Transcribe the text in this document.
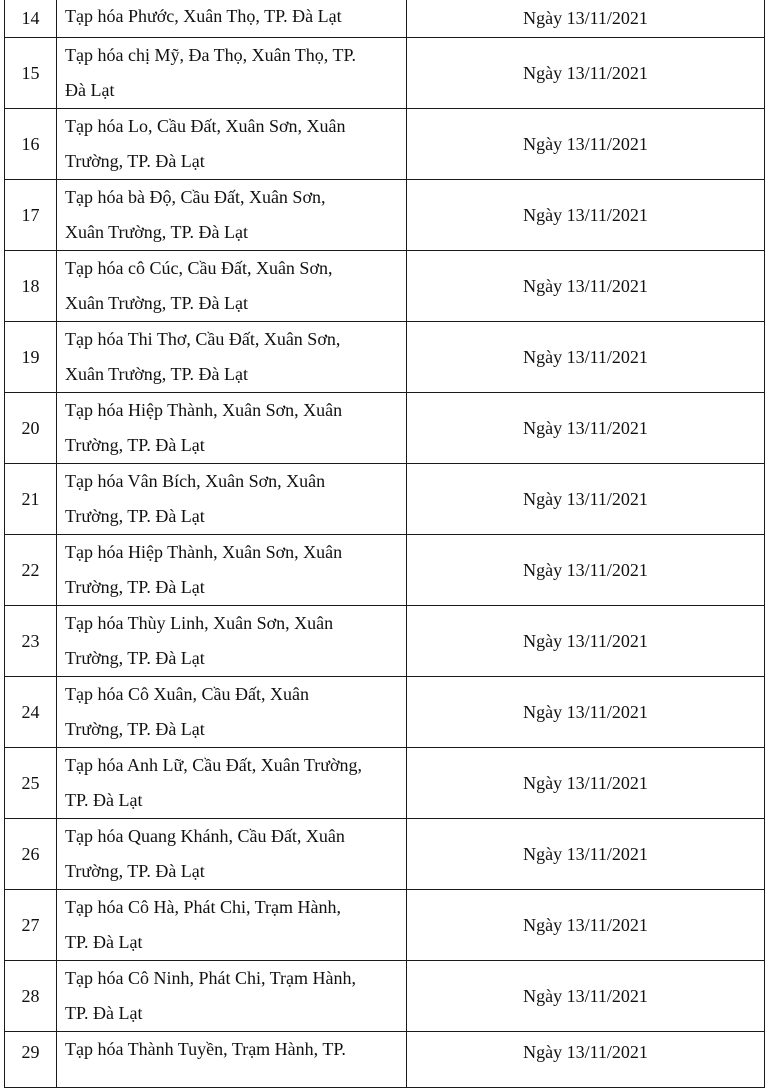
14	Tạp hóa Phước, Xuân Thọ, TP. Đà Lạt	Ngày 13/11/2021
15	Tạp hóa chị Mỹ, Đa Thọ, Xuân Thọ, TP.
Đà Lạt	Ngày 13/11/2021
16	Tạp hóa Lo, Cầu Đất, Xuân Sơn, Xuân
Trường, TP. Đà Lạt	Ngày 13/11/2021
17	Tạp hóa bà Độ, Cầu Đất, Xuân Sơn,
Xuân Trường, TP. Đà Lạt	Ngày 13/11/2021
18	Tạp hóa cô Cúc, Cầu Đất, Xuân Sơn,
Xuân Trường, TP. Đà Lạt	Ngày 13/11/2021
19	Tạp hóa Thi Thơ, Cầu Đất, Xuân Sơn,
Xuân Trường, TP. Đà Lạt	Ngày 13/11/2021
20	Tạp hóa Hiệp Thành, Xuân Sơn, Xuân
Trường, TP. Đà Lạt	Ngày 13/11/2021
21	Tạp hóa Vân Bích, Xuân Sơn, Xuân
Trường, TP. Đà Lạt	Ngày 13/11/2021
22	Tạp hóa Hiệp Thành, Xuân Sơn, Xuân
Trường, TP. Đà Lạt	Ngày 13/11/2021
23	Tạp hóa Thùy Linh, Xuân Sơn, Xuân
Trường, TP. Đà Lạt	Ngày 13/11/2021
24	Tạp hóa Cô Xuân, Cầu Đất, Xuân
Trường, TP. Đà Lạt	Ngày 13/11/2021
25	Tạp hóa Anh Lữ, Cầu Đất, Xuân Trường,
TP. Đà Lạt	Ngày 13/11/2021
26	Tạp hóa Quang Khánh, Cầu Đất, Xuân
Trường, TP. Đà Lạt	Ngày 13/11/2021
27	Tạp hóa Cô Hà, Phát Chi, Trạm Hành,
TP. Đà Lạt	Ngày 13/11/2021
28	Tạp hóa Cô Ninh, Phát Chi, Trạm Hành,
TP. Đà Lạt	Ngày 13/11/2021
29	Tạp hóa Thành Tuyền, Trạm Hành, TP.	Ngày 13/11/2021
